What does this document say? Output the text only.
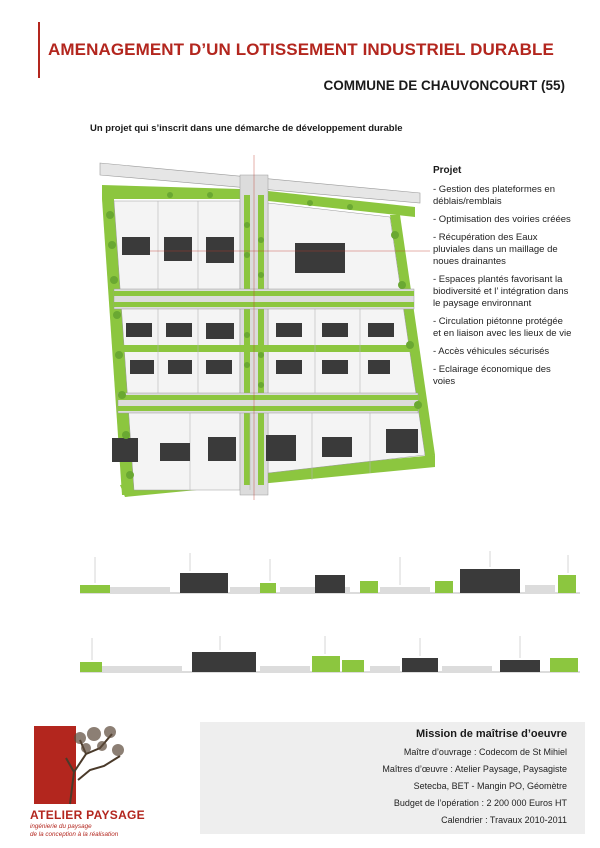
AMENAGEMENT D’UN LOTISSEMENT INDUSTRIEL DURABLE
COMMUNE DE CHAUVONCOURT (55)
Un projet qui s’inscrit dans une démarche de développement durable
Projet
- Gestion des plateformes en déblais/remblais
- Optimisation des voiries créées
- Récupération des Eaux pluviales dans un maillage de noues drainantes
- Espaces plantés favorisant la biodiversité et l’ intégration dans le paysage environnant
- Circulation piétonne protégée et en liaison avec les lieux de vie
- Accès véhicules sécurisés
- Eclairage économique des voies
ATELIER PAYSAGE
ingénierie du paysage
de la conception à la réalisation
Mission de maîtrise d’oeuvre
Maître d’ouvrage : Codecom de St Mihiel
Maîtres d’œuvre : Atelier Paysage, Paysagiste
Setecba, BET - Mangin PO, Géomètre
Budget de l’opération : 2 200 000 Euros HT
Calendrier : Travaux 2010-2011
